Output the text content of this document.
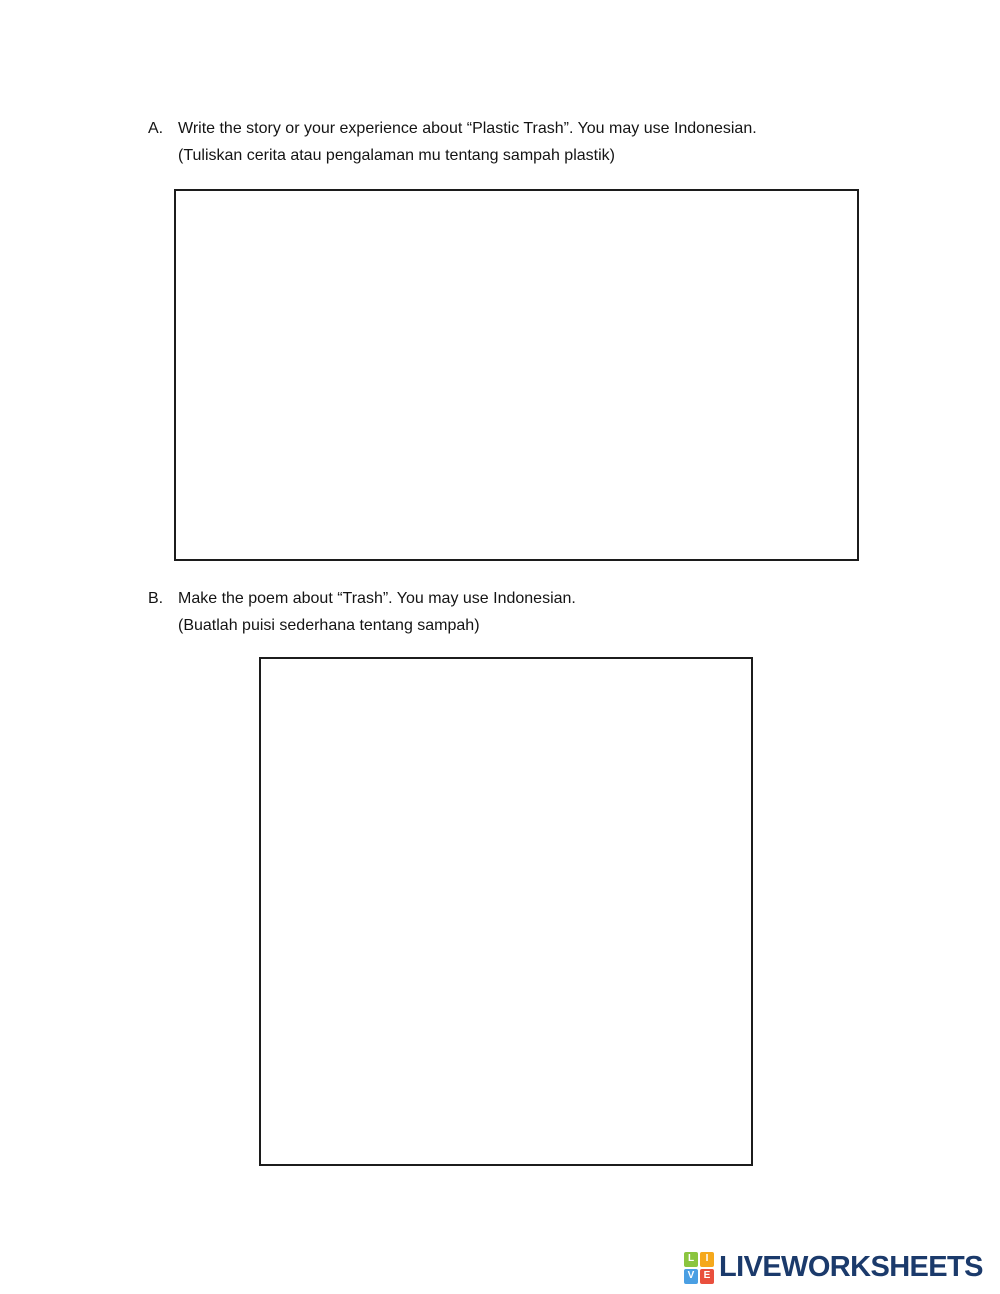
A. Write the story or your experience about “Plastic Trash”. You may use Indonesian.
(Tuliskan cerita atau pengalaman mu tentang sampah plastik)
B. Make the poem about “Trash”. You may use Indonesian.
(Buatlah puisi sederhana tentang sampah)
L	I
V E LIVEWORKSHEETS
